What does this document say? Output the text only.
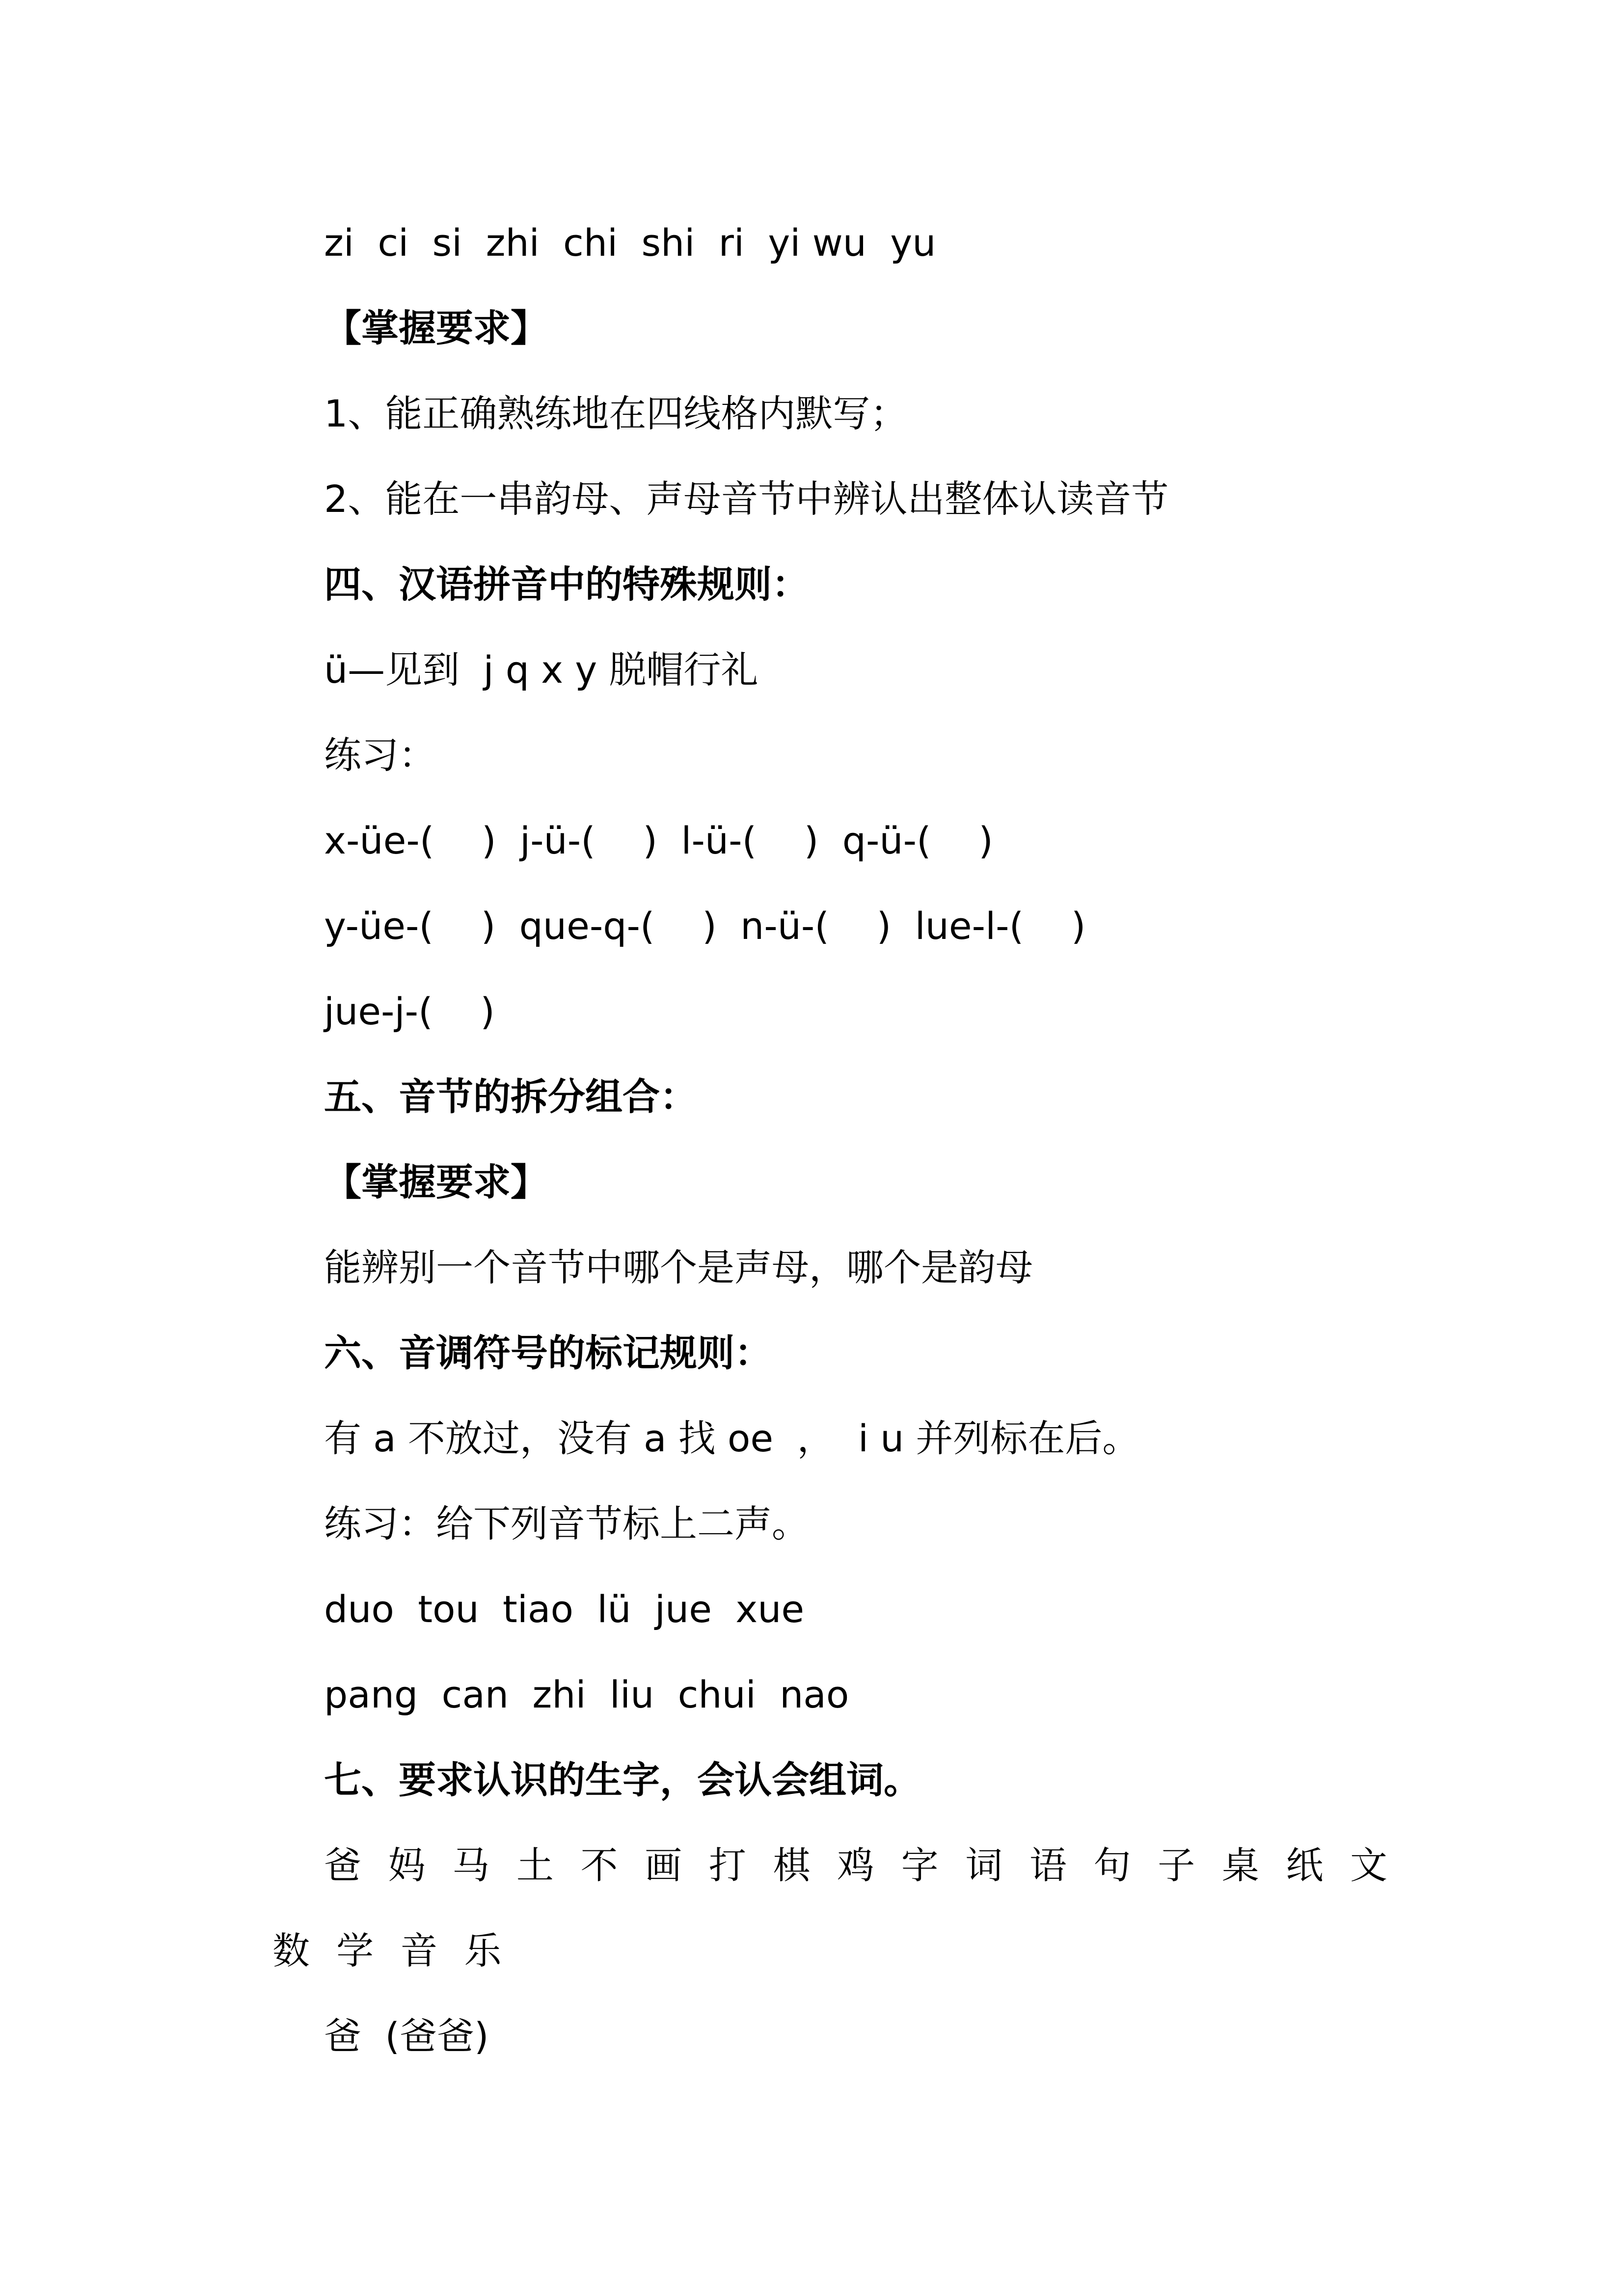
zi  ci  si  zhi  chi  shi  ri  yi wu  yu
【掌握要求】
1、能正确熟练地在四线格内默写；
2、能在一串韵母、声母音节中辨认出整体认读音节
四、汉语拼音中的特殊规则：
ü—见到  j q x y 脱帽行礼
练习：
x-üe-(    )  j-ü-(    )  l-ü-(    )  q-ü-(    )
y-üe-(    )  que-q-(    )  n-ü-(    )  lue-l-(    )
jue-j-(    )
五、音节的拆分组合：
【掌握要求】
能辨别一个音节中哪个是声母，哪个是韵母
六、音调符号的标记规则：
有 a 不放过，没有 a 找 oe  ，  i u 并列标在后。
练习：给下列音节标上二声。
duo  tou  tiao  lü  jue  xue
pang  can  zhi  liu  chui  nao
七、要求认识的生字，会认会组词。
爸 妈 马 土 不 画 打 棋 鸡 字 词 语 句 子 桌 纸 文
数 学 音 乐
爸  (爸爸)
